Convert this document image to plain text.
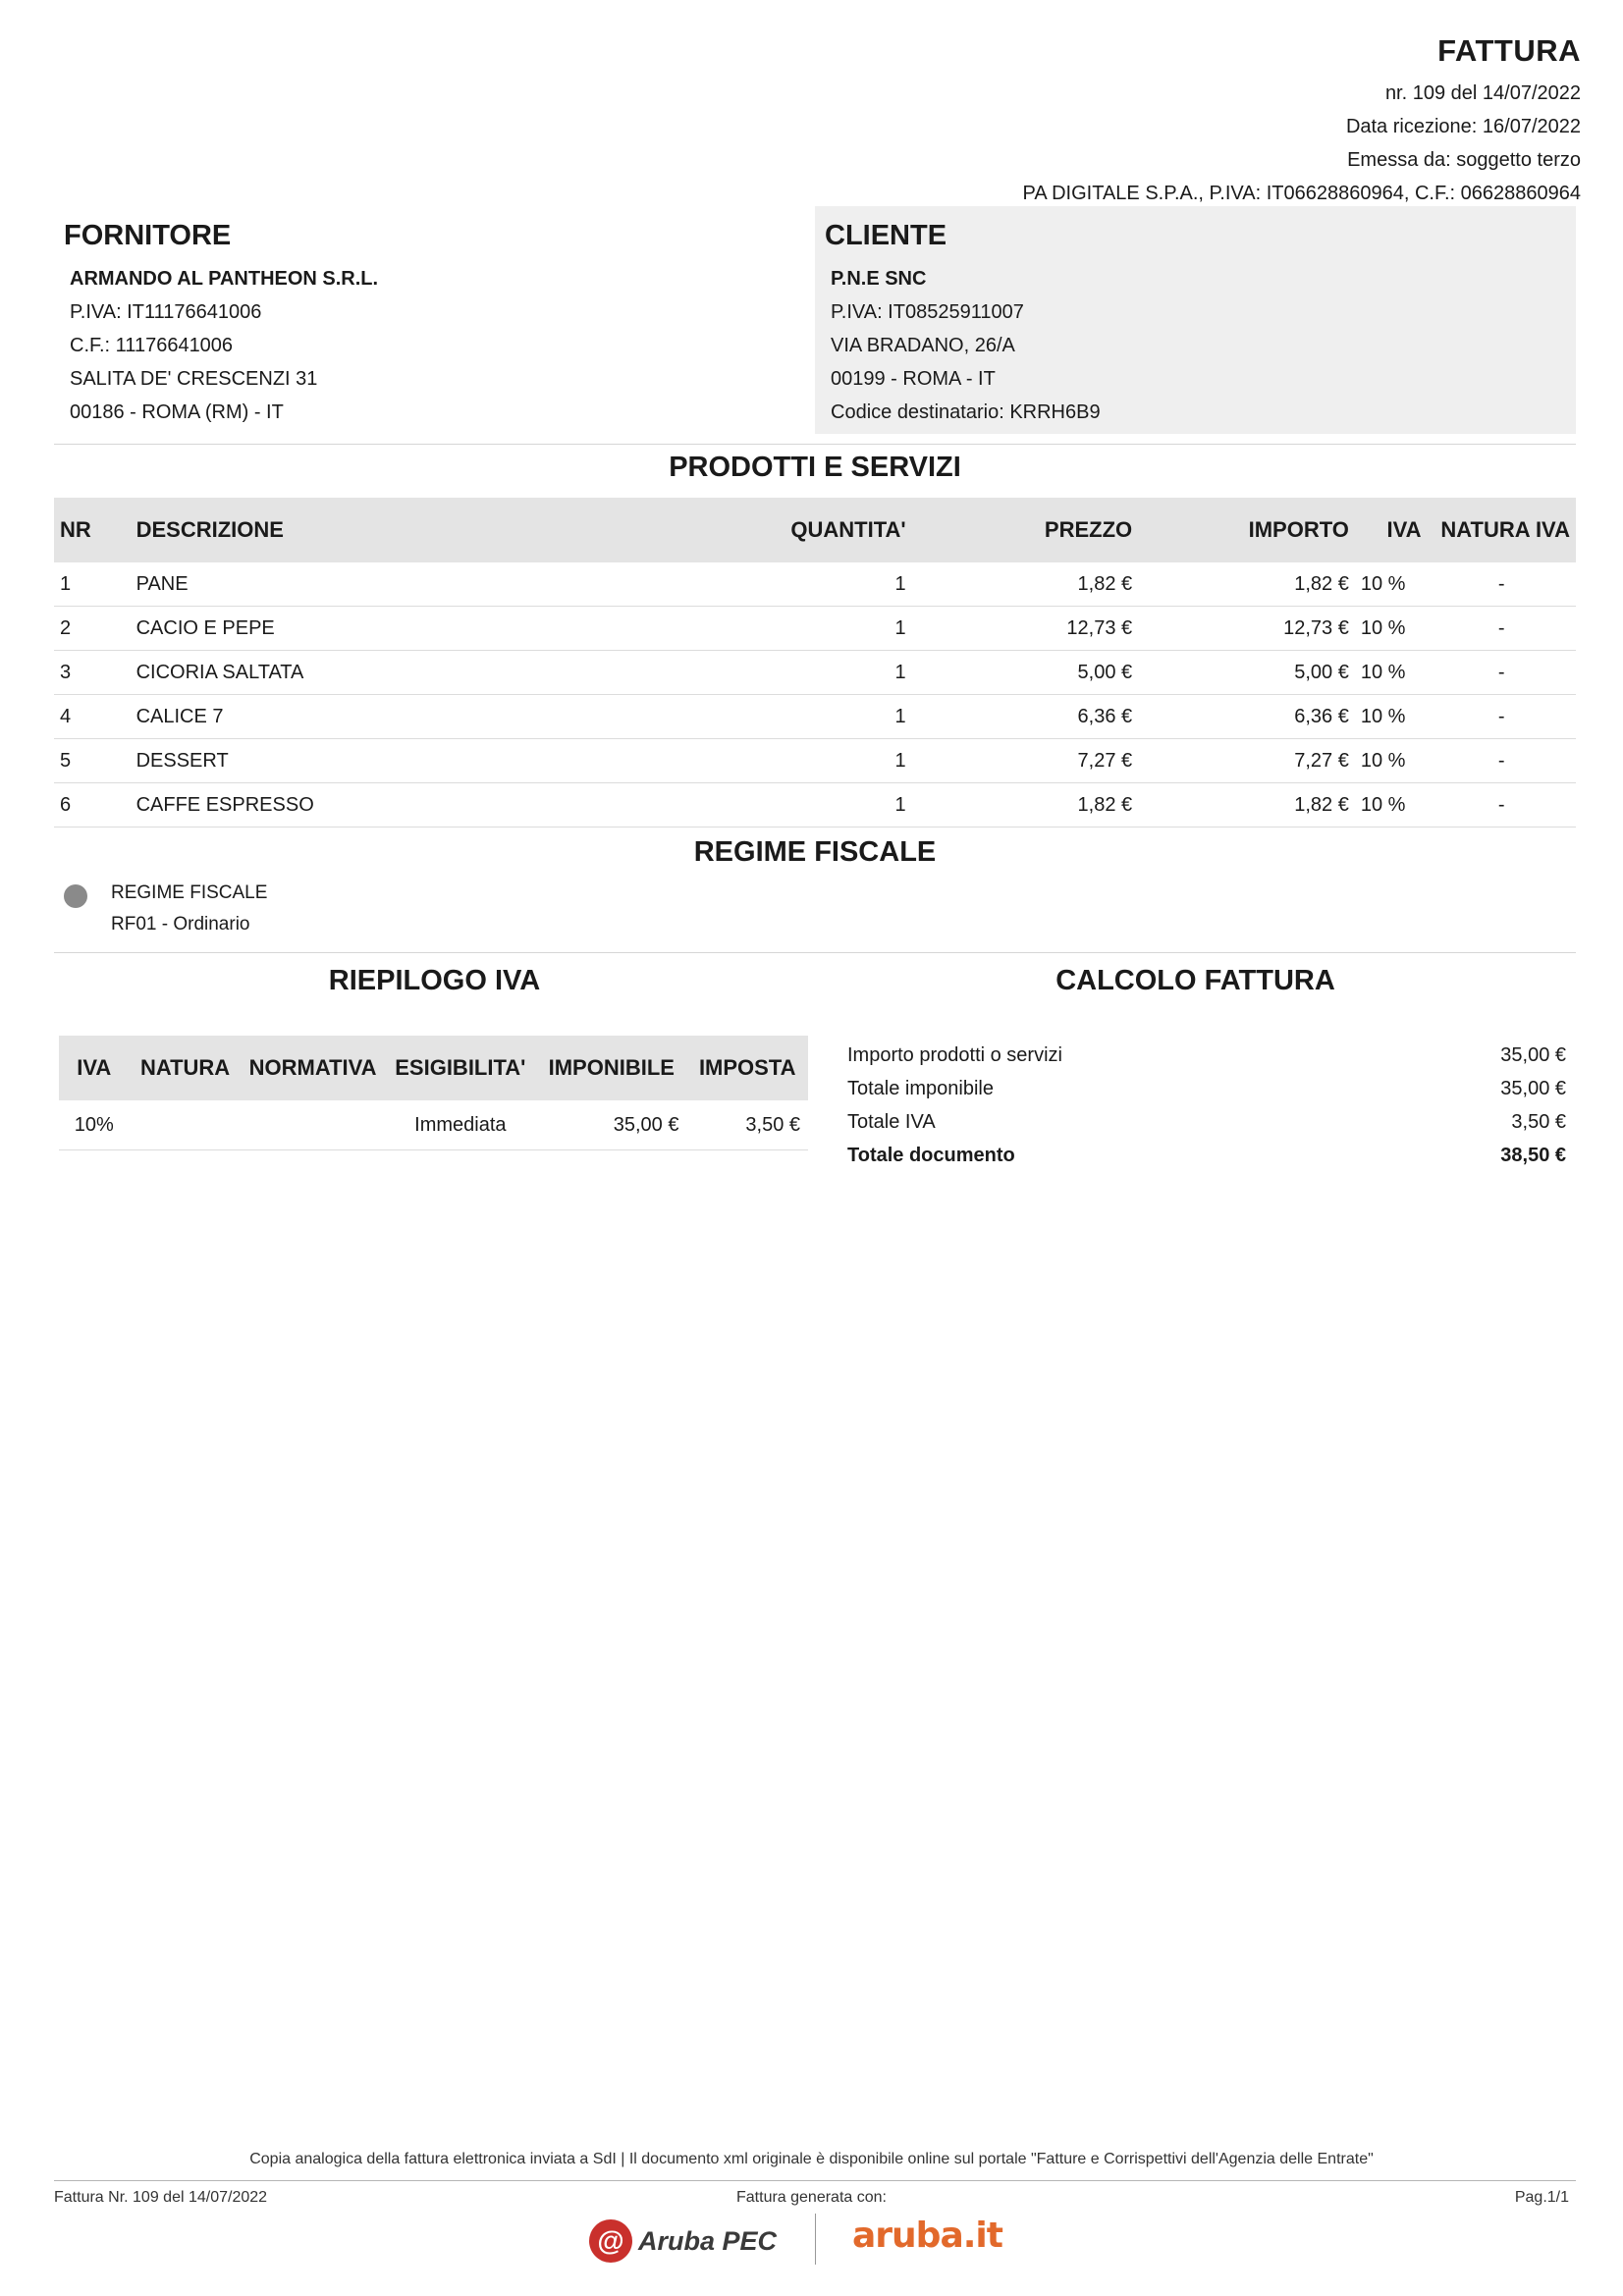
FATTURA
nr. 109 del 14/07/2022
Data ricezione: 16/07/2022
Emessa da: soggetto terzo
PA DIGITALE S.P.A., P.IVA: IT06628860964, C.F.: 06628860964
FORNITORE
ARMANDO AL PANTHEON S.R.L.
P.IVA: IT11176641006
C.F.: 11176641006
SALITA DE' CRESCENZI 31
00186 - ROMA (RM) - IT
CLIENTE
P.N.E SNC
P.IVA: IT08525911007
VIA BRADANO, 26/A
00199 - ROMA - IT
Codice destinatario: KRRH6B9
PRODOTTI E SERVIZI
NR	DESCRIZIONE	QUANTITA'	PREZZO	IMPORTO	IVA	NATURA IVA
1	PANE	1	1,82 €	1,82 €	10 %	-
2	CACIO E PEPE	1	12,73 €	12,73 €	10 %	-
3	CICORIA SALTATA	1	5,00 €	5,00 €	10 %	-
4	CALICE 7	1	6,36 €	6,36 €	10 %	-
5	DESSERT	1	7,27 €	7,27 €	10 %	-
6	CAFFE ESPRESSO	1	1,82 €	1,82 €	10 %	-
REGIME FISCALE
REGIME FISCALE
RF01 - Ordinario
RIEPILOGO IVA
IVA	NATURA	NORMATIVA	ESIGIBILITA'	IMPONIBILE	IMPOSTA
10%			Immediata	35,00 €	3,50 €
CALCOLO FATTURA
Importo prodotti o servizi	35,00 €
Totale imponibile	35,00 €
Totale IVA	3,50 €
Totale documento	38,50 €
Copia analogica della fattura elettronica inviata a SdI | Il documento xml originale è disponibile online sul portale "Fatture e Corrispettivi dell'Agenzia delle Entrate"
Fattura generata con:
Fattura Nr. 109 del 14/07/2022	Pag.1/1
@ Aruba PEC aruba.it
